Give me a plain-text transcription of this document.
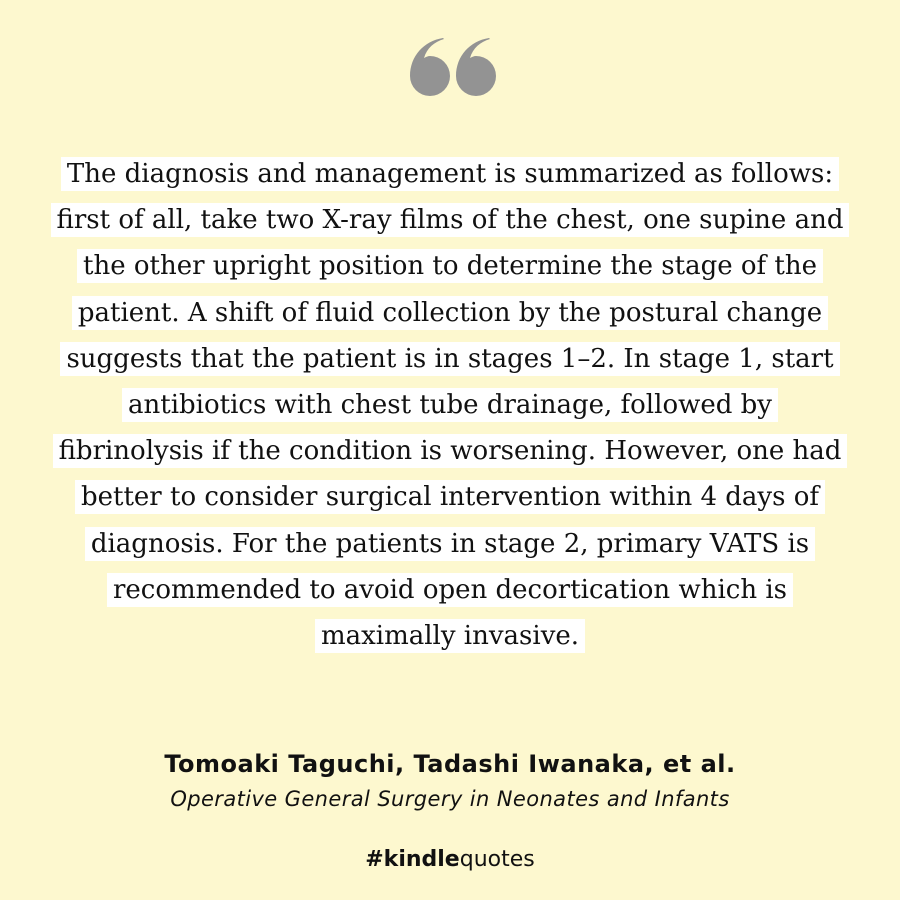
The diagnosis and management is summarized as follows: first of all, take two X-ray films of the chest, one supine and the other upright position to determine the stage of the patient. A shift of fluid collection by the postural change suggests that the patient is in stages 1–2. In stage 1, start antibiotics with chest tube drainage, followed by fibrinolysis if the condition is worsening. However, one had better to consider surgical intervention within 4 days of diagnosis. For the patients in stage 2, primary VATS is recommended to avoid open decortication which is maximally invasive.
Tomoaki Taguchi, Tadashi Iwanaka, et al.
Operative General Surgery in Neonates and Infants
#kindlequotes
